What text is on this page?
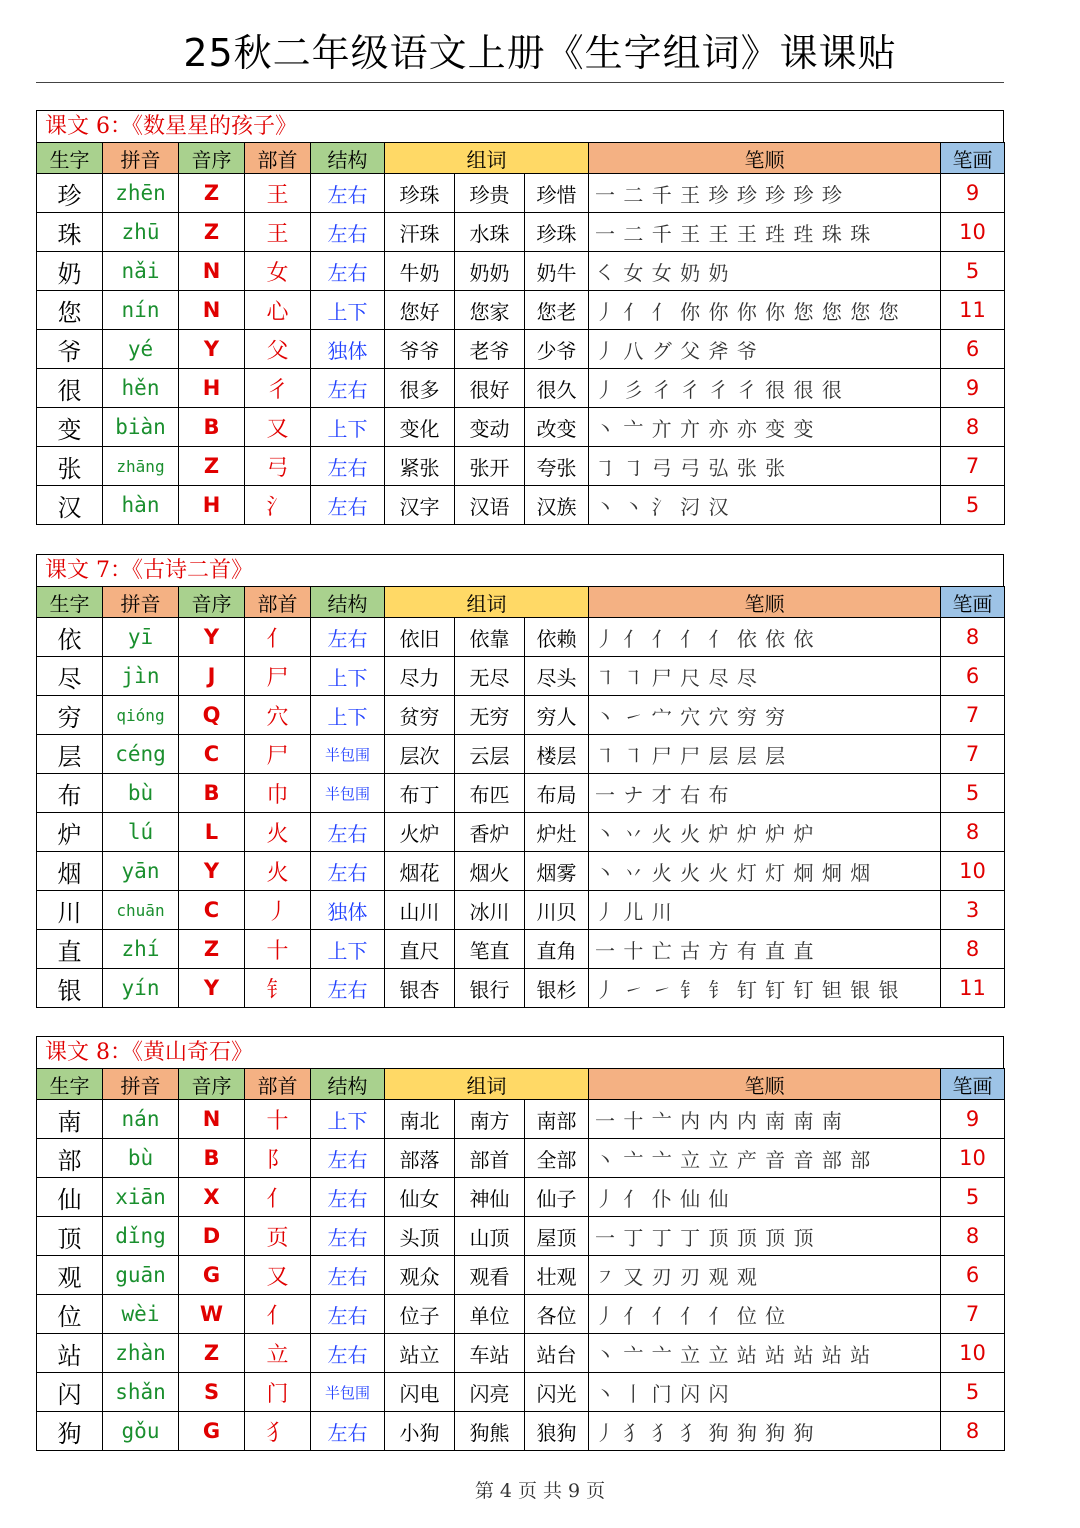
25秋二年级语文上册《生字组词》课课贴
课文 6：《数星星的孩子》
生字	拼音	音序	部首	结构	组词			笔顺	笔画
珍	zhēn	Z	王	左右	珍珠	珍贵	珍惜	一 二 千 王 珍 珍 珍 珍 珍	9
珠	zhū	Z	王	左右	汗珠	水珠	珍珠	一 二 千 王 王 王 珄 珄 珠 珠	10
奶	nǎi	N	女	左右	牛奶	奶奶	奶牛	㇛ 女 女 奶 奶	5
您	nín	N	心	上下	您好	您家	您老	丿 亻 亻 你 你 你 你 您 您 您 您	11
爷	yé	Y	父	独体	爷爷	老爷	少爷	丿 八 グ 父 斧 爷	6
很	hěn	H	彳	左右	很多	很好	很久	丿 彡 彳 彳 彳 彳 很 很 很	9
变	biàn	B	又	上下	变化	变动	改变	丶 亠 亣 亣 亦 亦 变 变	8
张	zhāng	Z	弓	左右	紧张	张开	夸张	㇆ ㇆ 弓 弓 弘 张 张	7
汉	hàn	H	氵	左右	汉字	汉语	汉族	丶 丶 氵 汈 汉	5
课文 7：《古诗二首》
生字	拼音	音序	部首	结构	组词			笔顺	笔画
依	yī	Y	亻	左右	依旧	依靠	依赖	丿 亻 亻 亻 亻 依 依 依	8
尽	jìn	J	尸	上下	尽力	无尽	尽头	㇕ ㇕ 尸 尺 尽 尽	6
穷	qióng	Q	穴	上下	贫穷	无穷	穷人	丶 ㇀ 宀 穴 穴 穷 穷	7
层	céng	C	尸	半包围	层次	云层	楼层	㇕ ㇕ 尸 尸 层 层 层	7
布	bù	B	巾	半包围	布丁	布匹	布局	一 ナ 才 右 布	5
炉	lú	L	火	左右	火炉	香炉	炉灶	丶 丷 火 火 炉 炉 炉 炉	8
烟	yān	Y	火	左右	烟花	烟火	烟雾	丶 丷 火 火 火 灯 灯 炯 炯 烟	10
川	chuān	C	丿	独体	山川	冰川	川贝	丿 儿 川	3
直	zhí	Z	十	上下	直尺	笔直	直角	一 十 亡 古 方 有 直 直	8
银	yín	Y	钅	左右	银杏	银行	银杉	丿 ㇀ ㇀ 钅 钅 钉 钉 钉 钽 银 银	11
课文 8：《黄山奇石》
生字	拼音	音序	部首	结构	组词			笔顺	笔画
南	nán	N	十	上下	南北	南方	南部	一 十 亠 内 内 内 南 南 南	9
部	bù	B	阝	左右	部落	部首	全部	丶 亠 亠 立 立 产 音 音 部 部	10
仙	xiān	X	亻	左右	仙女	神仙	仙子	丿 亻 仆 仙 仙	5
顶	dǐng	D	页	左右	头顶	山顶	屋顶	一 丁 丁 丁 顶 顶 顶 顶	8
观	guān	G	又	左右	观众	观看	壮观	㇇ 又 刃 刃 观 观	6
位	wèi	W	亻	左右	位子	单位	各位	丿 亻 亻 亻 亻 位 位	7
站	zhàn	Z	立	左右	站立	车站	站台	丶 亠 亠 立 立 站 站 站 站 站	10
闪	shǎn	S	门	半包围	闪电	闪亮	闪光	丶 丨 门 闪 闪	5
狗	gǒu	G	犭	左右	小狗	狗熊	狼狗	丿 犭 犭 犭 狗 狗 狗 狗	8
第 4 页 共 9 页
